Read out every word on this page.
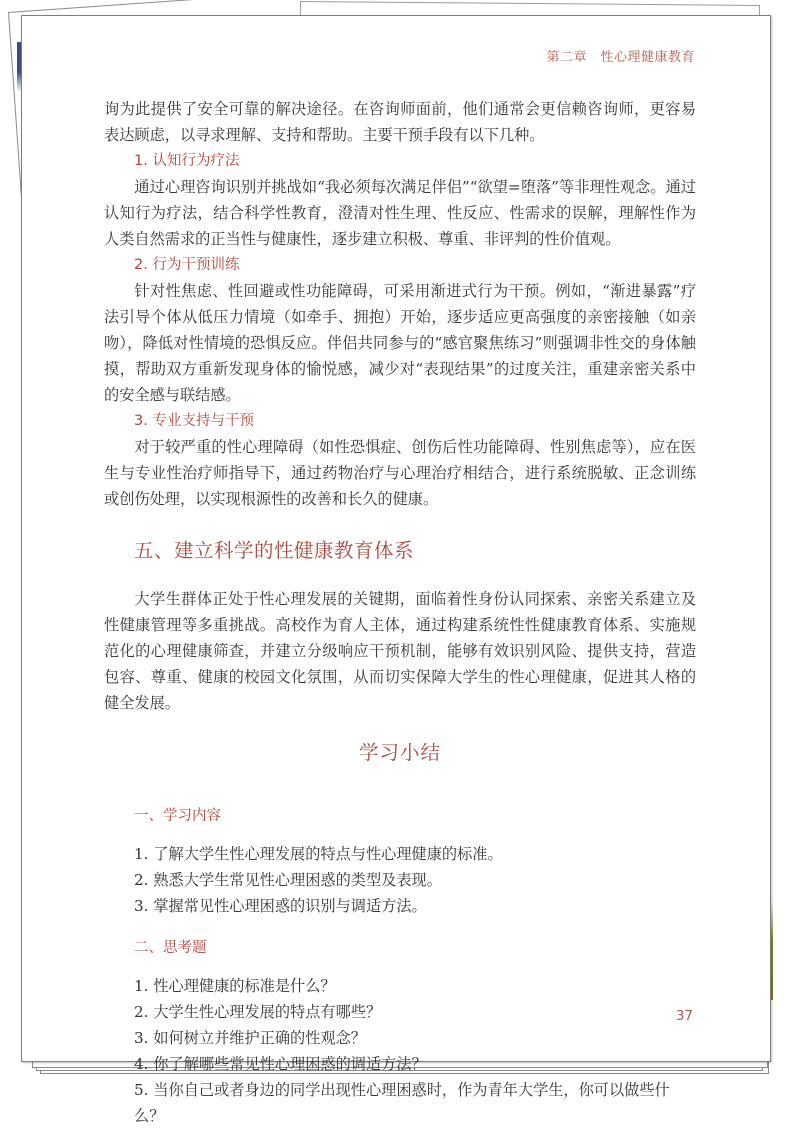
第二章　性心理健康教育

询为此提供了安全可靠的解决途径。在咨询师面前，他们通常会更信赖咨询师，更容易表达顾虑，以寻求理解、支持和帮助。主要干预手段有以下几种。

1. 认知行为疗法

通过心理咨询识别并挑战如“我必须每次满足伴侣”“欲望=堕落”等非理性观念。通过认知行为疗法，结合科学性教育，澄清对性生理、性反应、性需求的误解，理解性作为人类自然需求的正当性与健康性，逐步建立积极、尊重、非评判的性价值观。

2. 行为干预训练

针对性焦虑、性回避或性功能障碍，可采用渐进式行为干预。例如，“渐进暴露”疗法引导个体从低压力情境（如牵手、拥抱）开始，逐步适应更高强度的亲密接触（如亲吻），降低对性情境的恐惧反应。伴侣共同参与的“感官聚焦练习”则强调非性交的身体触摸，帮助双方重新发现身体的愉悦感，减少对“表现结果”的过度关注，重建亲密关系中的安全感与联结感。

3. 专业支持与干预

对于较严重的性心理障碍（如性恐惧症、创伤后性功能障碍、性别焦虑等），应在医生与专业性治疗师指导下，通过药物治疗与心理治疗相结合，进行系统脱敏、正念训练或创伤处理，以实现根源性的改善和长久的健康。

五、建立科学的性健康教育体系

大学生群体正处于性心理发展的关键期，面临着性身份认同探索、亲密关系建立及性健康管理等多重挑战。高校作为育人主体，通过构建系统性性健康教育体系、实施规范化的心理健康筛查，并建立分级响应干预机制，能够有效识别风险、提供支持，营造包容、尊重、健康的校园文化氛围，从而切实保障大学生的性心理健康，促进其人格的健全发展。

学习小结
一、学习内容
1. 了解大学生性心理发展的特点与性心理健康的标准。
2. 熟悉大学生常见性心理困惑的类型及表现。
3. 掌握常见性心理困惑的识别与调适方法。
二、思考题
1. 性心理健康的标准是什么？
2. 大学生性心理发展的特点有哪些？
3. 如何树立并维护正确的性观念？
4. 你了解哪些常见性心理困惑的调适方法？
5. 当你自己或者身边的同学出现性心理困惑时，作为青年大学生，你可以做些什么？
37
